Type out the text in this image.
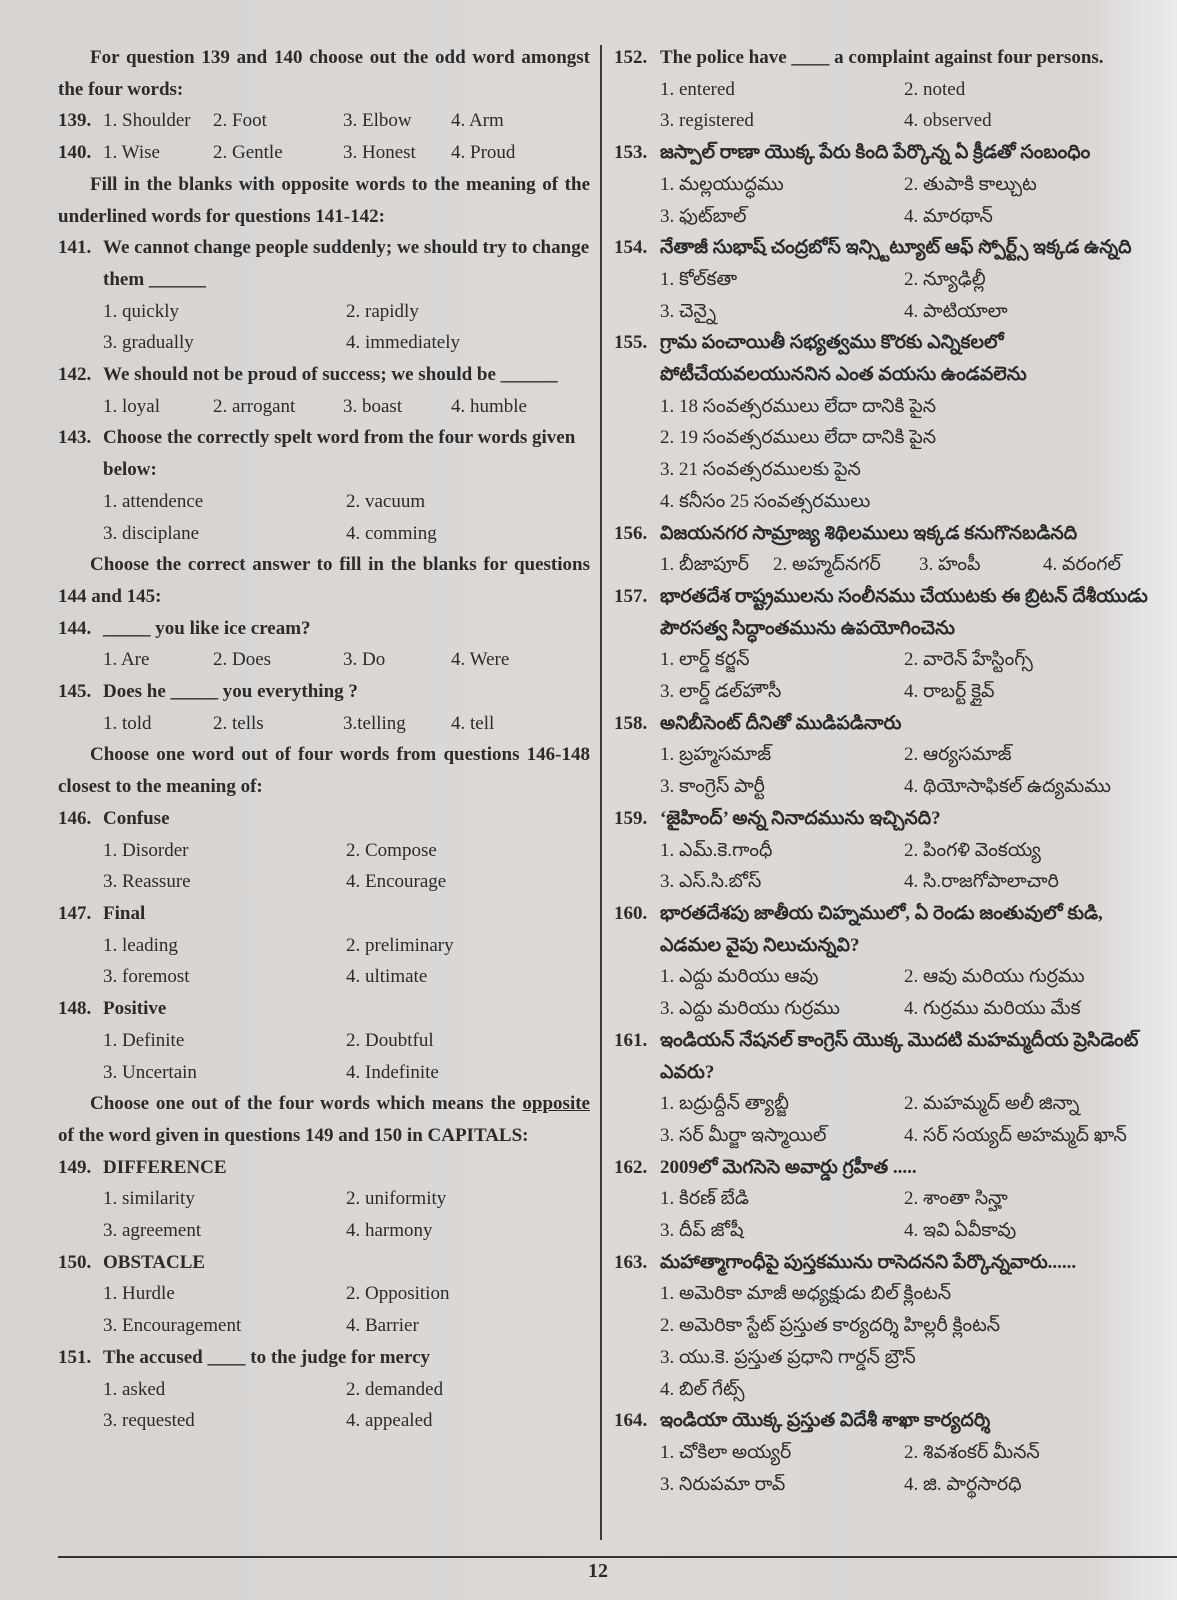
For question 139 and 140 choose out the odd word amongst the four words:
139. 1. Shoulder 2. Foot	3. Elbow 4. Arm
140. 1. Wise	2. Gentle	3. Honest 4. Proud
Fill in the blanks with opposite words to the meaning of the underlined words for questions 141-142:
141. We cannot change people suddenly; we should try to change them ______
1. quickly	2. rapidly
3. gradually	4. immediately
142. We should not be proud of success; we should be ______
1. loyal	2. arrogant	3. boast	4. humble
143. Choose the correctly spelt word from the four words given below:
1. attendence	2. vacuum
3. disciplane	4. comming
Choose the correct answer to fill in the blanks for questions 144 and 145:
144. _____ you like ice cream?
1. Are	2. Does	3. Do	4. Were
145. Does he _____ you everything ?
1. told	2. tells	3.telling	4. tell
Choose one word out of four words from questions 146-148 closest to the meaning of:
146. Confuse
1. Disorder	2. Compose
3. Reassure	4. Encourage
147. Final
1. leading	2. preliminary
3. foremost	4. ultimate
148. Positive
1. Definite	2. Doubtful
3. Uncertain	4. Indefinite
Choose one out of the four words which means the opposite of the word given in questions 149 and 150 in CAPITALS:
149. DIFFERENCE
1. similarity	2. uniformity
3. agreement	4. harmony
150. OBSTACLE
1. Hurdle	2. Opposition
3. Encouragement	4. Barrier
151. The accused ____ to the judge for mercy
1. asked	2. demanded
3. requested	4. appealed
152. The police have ____ a complaint against four persons.
1. entered	2. noted
3. registered	4. observed
153. జస్పాల్ రాణా యొక్క పేరు కింది పేర్కొన్న ఏ క్రీడతో సంబంధిం
1. మల్లయుద్ధము	2. తుపాకి కాల్చుట
3. ఫుట్‌బాల్	4. మారథాన్
154. నేతాజీ సుభాష్ చంద్రబోస్ ఇన్స్టిట్యూట్ ఆఫ్ స్పోర్ట్స్ ఇక్కడ ఉన్నది
1. కోల్‌కతా	2. న్యూఢిల్లీ
3. చెన్నై	4. పాటియాలా
155. గ్రామ పంచాయితీ సభ్యత్వము కొరకు ఎన్నికలలో పోటీచేయవలయుననిన ఎంత వయసు ఉండవలెను
1. 18 సంవత్సరములు లేదా దానికి పైన
2. 19 సంవత్సరములు లేదా దానికి పైన
3. 21 సంవత్సరములకు పైన
4. కనీసం 25 సంవత్సరములు
156. విజయనగర సామ్రాజ్య శిథిలములు ఇక్కడ కనుగొనబడినది
1. బీజాపూర్	2. అహ్మద్‌నగర్	3. హంపీ	4. వరంగల్
157. భారతదేశ రాష్ట్రములను సంలీనము చేయుటకు ఈ బ్రిటన్ దేశీయుడు పౌరసత్వ సిద్ధాంతమును ఉపయోగించెను
1. లార్డ్ కర్జన్	2. వారెన్ హేస్టింగ్స్
3. లార్డ్ డల్‌హౌసీ	4. రాబర్ట్ క్లైవ్
158. అనిబీసెంట్ దీనితో ముడిపడినారు
1. బ్రహ్మసమాజ్	2. ఆర్యసమాజ్
3. కాంగ్రెస్ పార్టీ	4. థియోసాఫికల్ ఉద్యమము
159. ‘జైహింద్’ అన్న నినాదమును ఇచ్చినది?
1. ఎమ్.కె.గాంధీ	2. పింగళి వెంకయ్య
3. ఎస్.సి.బోస్	4. సి.రాజగోపాలాచారి
160. భారతదేశపు జాతీయ చిహ్నములో, ఏ రెండు జంతువులో కుడి, ఎడమల వైపు నిలుచున్నవి?
1. ఎద్దు మరియు ఆవు	2. ఆవు మరియు గుర్రము
3. ఎద్దు మరియు గుర్రము	4. గుర్రము మరియు మేక
161. ఇండియన్ నేషనల్ కాంగ్రెస్ యొక్క మొదటి మహమ్మదీయ ప్రెసిడెంట్ ఎవరు?
1. బద్రుద్దీన్ త్యాబ్జీ	2. మహమ్మద్ అలీ జిన్నా
3. సర్ మీర్జా ఇస్మాయిల్	4. సర్ సయ్యద్ అహమ్మద్ ఖాన్
162. 2009లో మెగసెసె అవార్డు గ్రహీత .....
1. కిరణ్ బేడి	2. శాంతా సిన్హా
3. దీప్ జోషీ	4. ఇవి ఏవీకావు
163. మహాత్మాగాంధీపై పుస్తకమును రాసెదనని పేర్కొన్నవారు......
1. అమెరికా మాజీ అధ్యక్షుడు బిల్ క్లింటన్
2. అమెరికా స్టేట్ ప్రస్తుత కార్యదర్శి హిల్లరీ క్లింటన్
3. యు.కె. ప్రస్తుత ప్రధాని గార్డన్ బ్రౌన్
4. బిల్ గేట్స్
164. ఇండియా యొక్క ప్రస్తుత విదేశీ శాఖా కార్యదర్శి
1. చోకిలా అయ్యర్	2. శివశంకర్ మీనన్
3. నిరుపమా రావ్	4. జి. పార్థసారధి
12
